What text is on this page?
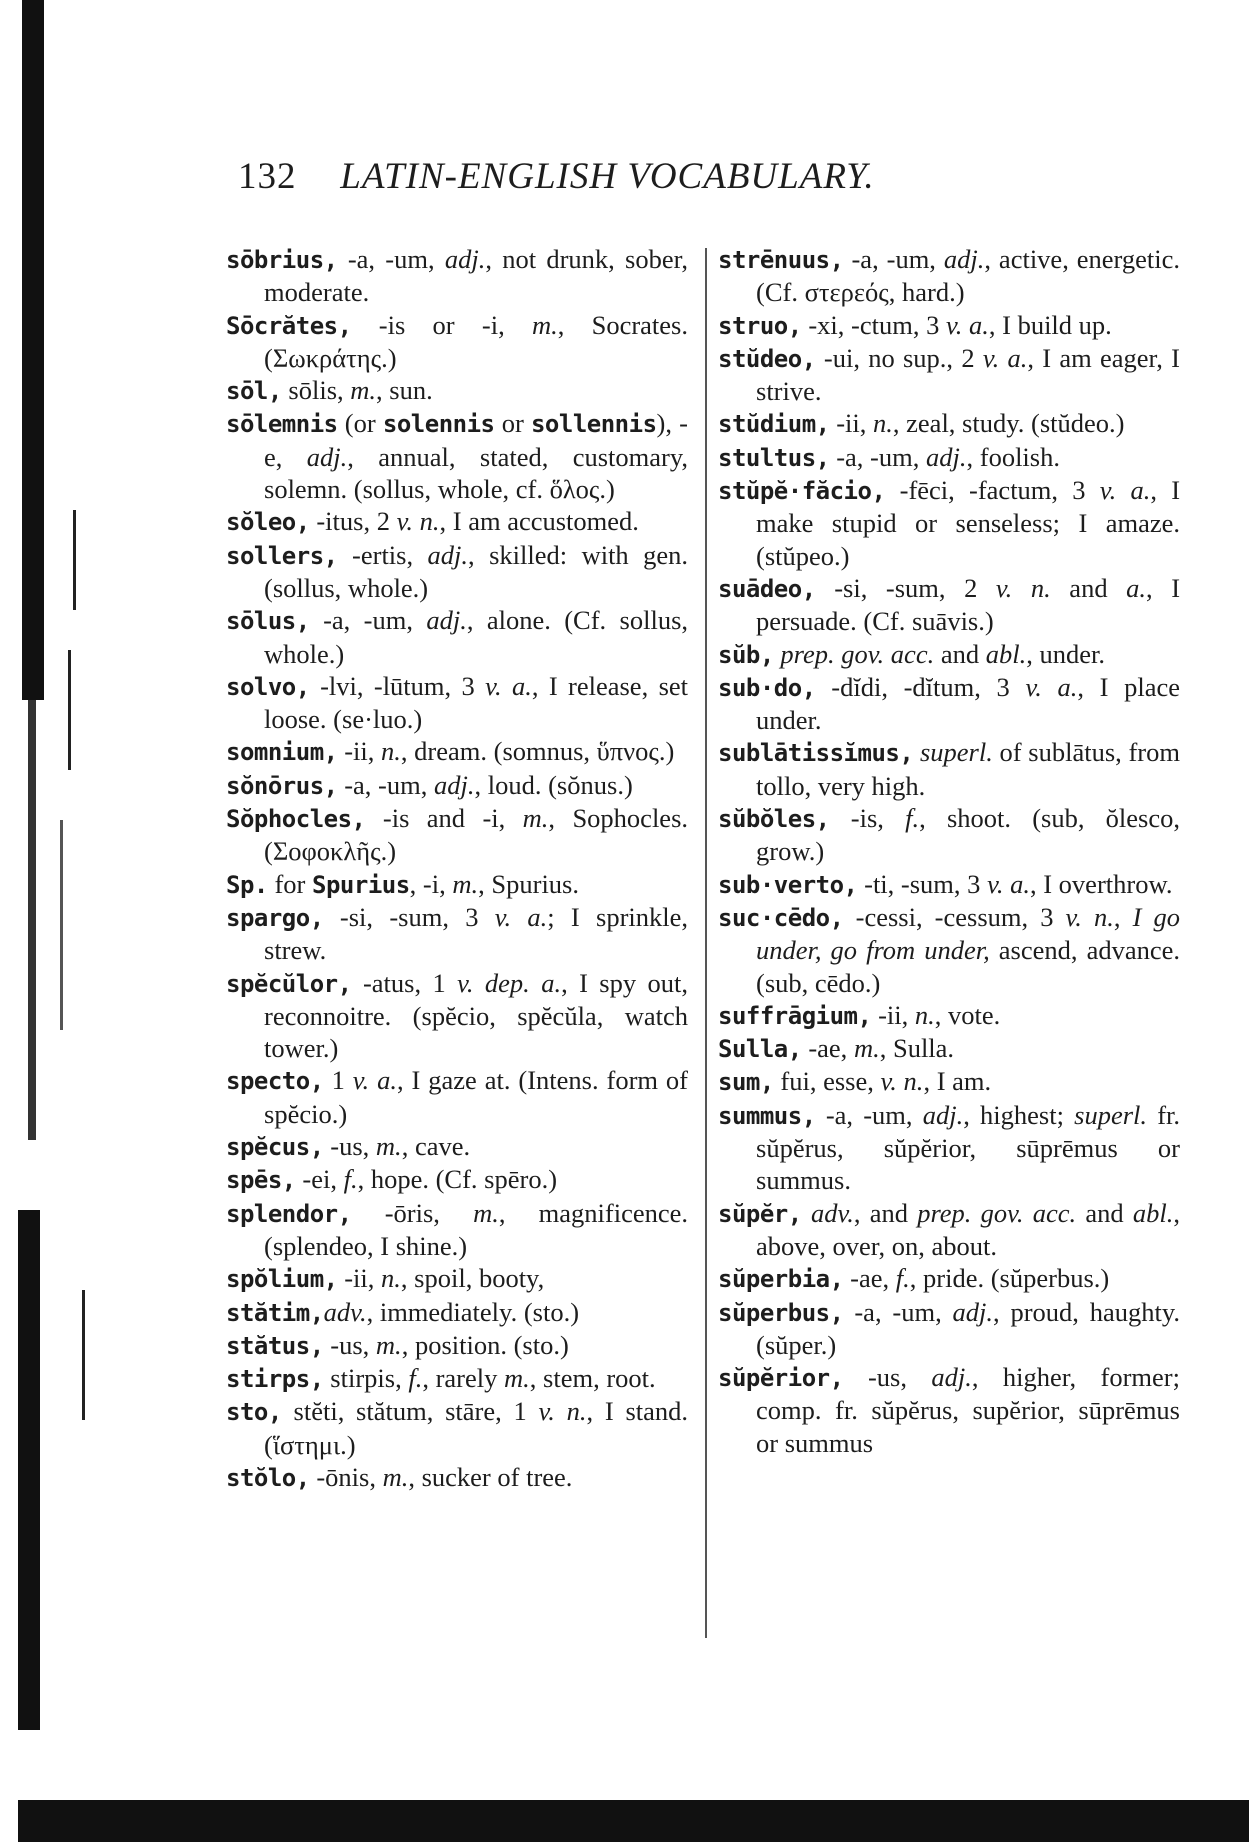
132 LATIN-ENGLISH VOCABULARY.

sōbrius, -a, -um, adj., not drunk, sober, moderate.

Sōcrătes, -is or -i, m., Socrates. (Σωκράτης.)

sōl, sōlis, m., sun.

sōlemnis (or solennis or sollennis), -e, adj., annual, stated, customary, solemn. (sollus, whole, cf. ὅλος.)

sŏleo, -itus, 2 v. n., I am accustomed.

sollers, -ertis, adj., skilled: with gen. (sollus, whole.)

sōlus, -a, -um, adj., alone. (Cf. sollus, whole.)

solvo, -lvi, -lūtum, 3 v. a., I release, set loose. (se·luo.)

somnium, -ii, n., dream. (somnus, ὕπνος.)

sŏnōrus, -a, -um, adj., loud. (sŏnus.)

Sŏphocles, -is and -i, m., Sophocles. (Σοφοκλῆς.)

Sp. for Spurius, -i, m., Spurius.

spargo, -si, -sum, 3 v. a.; I sprinkle, strew.

spĕcŭlor, -atus, 1 v. dep. a., I spy out, reconnoitre. (spĕcio, spĕcŭla, watch tower.)

specto, 1 v. a., I gaze at. (Intens. form of spĕcio.)

spĕcus, -us, m., cave.

spēs, -ei, f., hope. (Cf. spēro.)

splendor, -ōris, m., magnificence. (splendeo, I shine.)

spŏlium, -ii, n., spoil, booty,

stătim,adv., immediately. (sto.)

stătus, -us, m., position. (sto.)

stirps, stirpis, f., rarely m., stem, root.

sto, stĕti, stătum, stāre, 1 v. n., I stand. (ἵστημι.)

stŏlo, -ōnis, m., sucker of tree.

strēnuus, -a, -um, adj., active, energetic. (Cf. στερεός, hard.)

struo, -xi, -ctum, 3 v. a., I build up.

stŭdeo, -ui, no sup., 2 v. a., I am eager, I strive.

stŭdium, -ii, n., zeal, study. (stŭdeo.)

stultus, -a, -um, adj., foolish.

stŭpĕ·făcio, -fēci, -factum, 3 v. a., I make stupid or senseless; I amaze. (stŭpeo.)

suādeo, -si, -sum, 2 v. n. and a., I persuade. (Cf. suāvis.)

sŭb, prep. gov. acc. and abl., under.

sub·do, -dĭdi, -dĭtum, 3 v. a., I place under.

sublātissĭmus, superl. of sublātus, from tollo, very high.

sŭbŏles, -is, f., shoot. (sub, ŏlesco, grow.)

sub·verto, -ti, -sum, 3 v. a., I overthrow.

suc·cēdo, -cessi, -cessum, 3 v. n., I go under, go from under, ascend, advance. (sub, cēdo.)

suffrāgium, -ii, n., vote.

Sulla, -ae, m., Sulla.

sum, fui, esse, v. n., I am.

summus, -a, -um, adj., highest; superl. fr. sŭpĕrus, sŭpĕrior, sūprēmus or summus.

sŭpĕr, adv., and prep. gov. acc. and abl., above, over, on, about.

sŭperbia, -ae, f., pride. (sŭperbus.)

sŭperbus, -a, -um, adj., proud, haughty. (sŭper.)

sŭpĕrior, -us, adj., higher, former; comp. fr. sŭpĕrus, supĕrior, sūprēmus or summus
